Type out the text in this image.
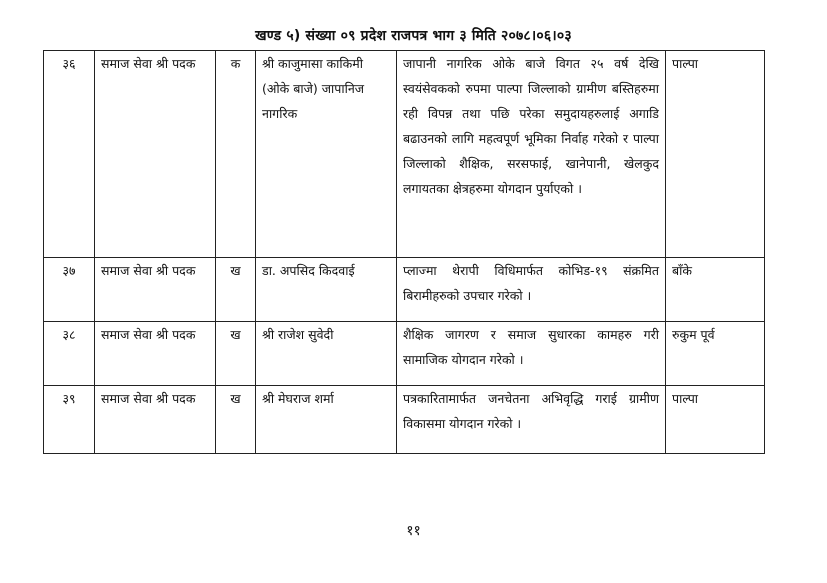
खण्ड ५) संख्या ०९ प्रदेश राजपत्र भाग ३ मिति २०७८।०६।०३
३६	समाज सेवा श्री पदक	क	श्री काजुमासा काकिमी (ओके बाजे) जापानिज नागरिक	जापानी नागरिक ओके बाजे विगत २५ वर्ष देखि स्वयंसेवकको रुपमा पाल्पा जिल्लाको ग्रामीण बस्तिहरुमा रही विपन्न तथा पछि परेका समुदायहरुलाई अगाडि बढाउनको लागि महत्वपूर्ण भूमिका निर्वाह गरेको र पाल्पा जिल्लाको शैक्षिक, सरसफाई, खानेपानी, खेलकुद लगायतका क्षेत्रहरुमा योगदान पुर्याएको ।	पाल्पा
३७	समाज सेवा श्री पदक	ख	डा. अपसिद किदवाई	प्लाज्मा थेरापी विधिमार्फत कोभिड-१९ संक्रमित बिरामीहरुको उपचार गरेको ।	बाँके
३८	समाज सेवा श्री पदक	ख	श्री राजेश सुवेदी	शैक्षिक जागरण र समाज सुधारका कामहरु गरी सामाजिक योगदान गरेको ।	रुकुम पूर्व
३९	समाज सेवा श्री पदक	ख	श्री मेघराज शर्मा	पत्रकारितामार्फत जनचेतना अभिवृद्धि गराई ग्रामीण विकासमा योगदान गरेको ।	पाल्पा
११
